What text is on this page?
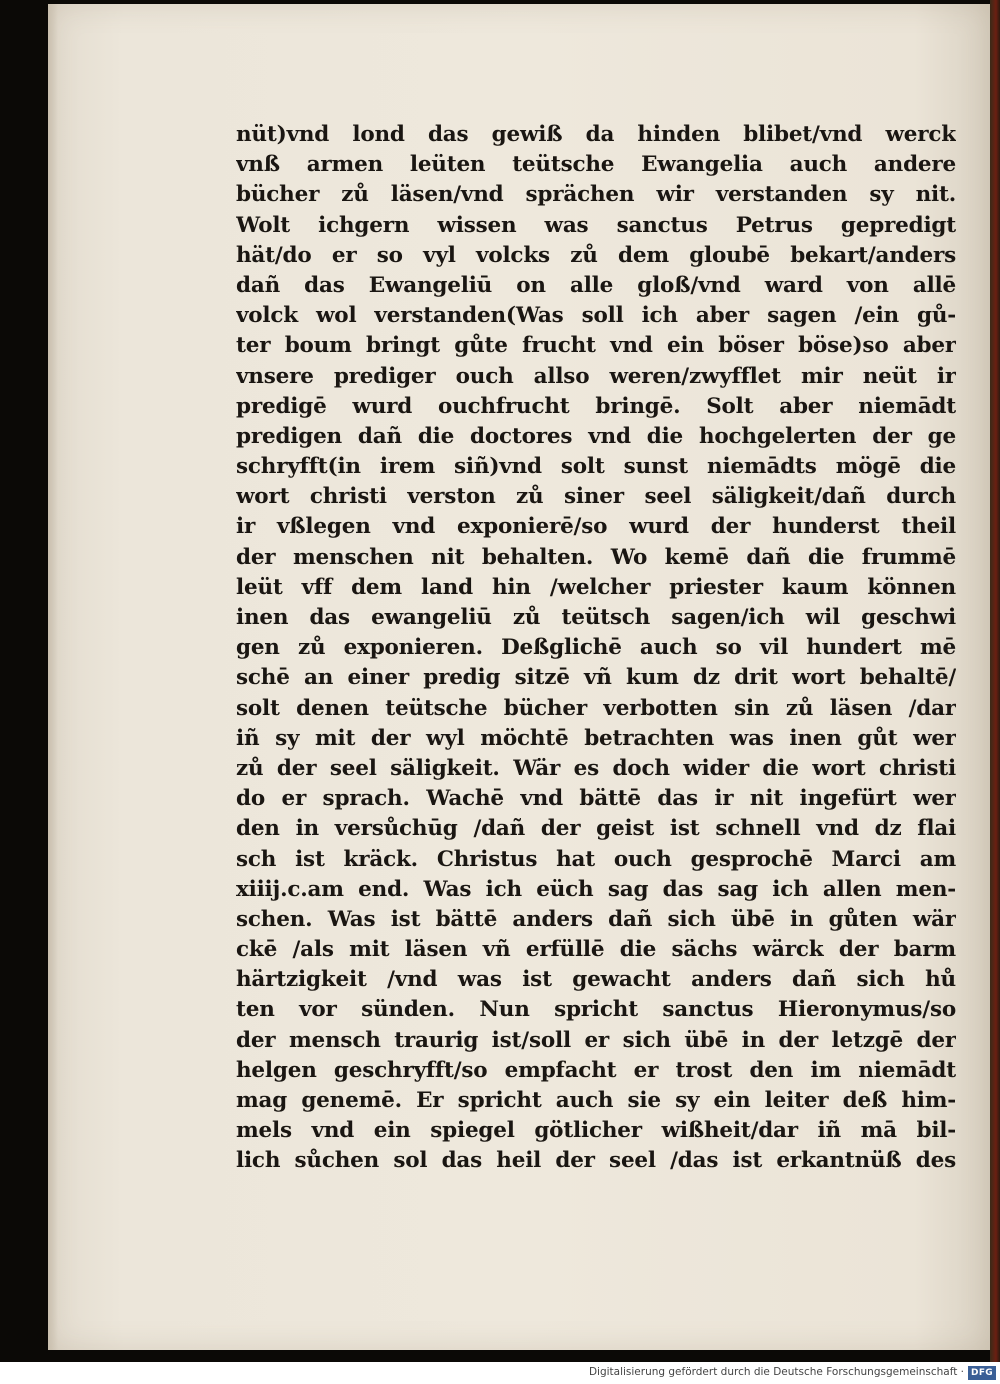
nüt)vnd lond das gewiß da hinden blibet/vnd werck
vnß armen leüten teütsche Ewangelia auch andere
bücher zů läsen/vnd sprächen wir verstanden sy nit.
Wolt ichgern wissen was sanctus Petrus gepredigt
hät/do er so vyl volcks zů dem gloubē bekart/anders
dañ das Ewangeliū on alle gloß/vnd ward von allē
volck wol verstanden(Was soll ich aber sagen /ein gů-
ter boum bringt gůte frucht vnd ein böser böse)so aber
vnsere prediger ouch allso weren/zwyfflet mir neüt ir
predigē wurd ouchfrucht bringē. Solt aber niemādt
predigen dañ die doctores vnd die hochgelerten der ge
schryfft(in irem siñ)vnd solt sunst niemādts mögē die
wort christi verston zů siner seel säligkeit/dañ durch
ir vßlegen vnd exponierē/so wurd der hunderst theil
der menschen nit behalten. Wo kemē dañ die frummē
leüt vff dem land hin /welcher priester kaum können
inen das ewangeliū zů teütsch sagen/ich wil geschwi
gen zů exponieren. Deßglichē auch so vil hundert mē
schē an einer predig sitzē vñ kum dz drit wort behaltē/
solt denen teütsche bücher verbotten sin zů läsen /dar
iñ sy mit der wyl möchtē betrachten was inen gůt wer
zů der seel säligkeit. Wär es doch wider die wort christi
do er sprach. Wachē vnd bättē das ir nit ingefürt wer
den in versůchūg /dañ der geist ist schnell vnd dz flai
sch ist kräck. Christus hat ouch gesprochē Marci am
xiiij.c.am end. Was ich eüch sag das sag ich allen men-
schen. Was ist bättē anders dañ sich übē in gůten wär
ckē /als mit läsen vñ erfüllē die sächs wärck der barm
härtzigkeit /vnd was ist gewacht anders dañ sich hů
ten vor sünden. Nun spricht sanctus Hieronymus/so
der mensch traurig ist/soll er sich übē in der letzgē der
helgen geschryfft/so empfacht er trost den im niemādt
mag genemē. Er spricht auch sie sy ein leiter deß him-
mels vnd ein spiegel götlicher wißheit/dar iñ mā bil-
lich sůchen sol das heil der seel /das ist erkantnüß des
Digitalisierung gefördert durch die Deutsche Forschungsgemeinschaft · DFG
